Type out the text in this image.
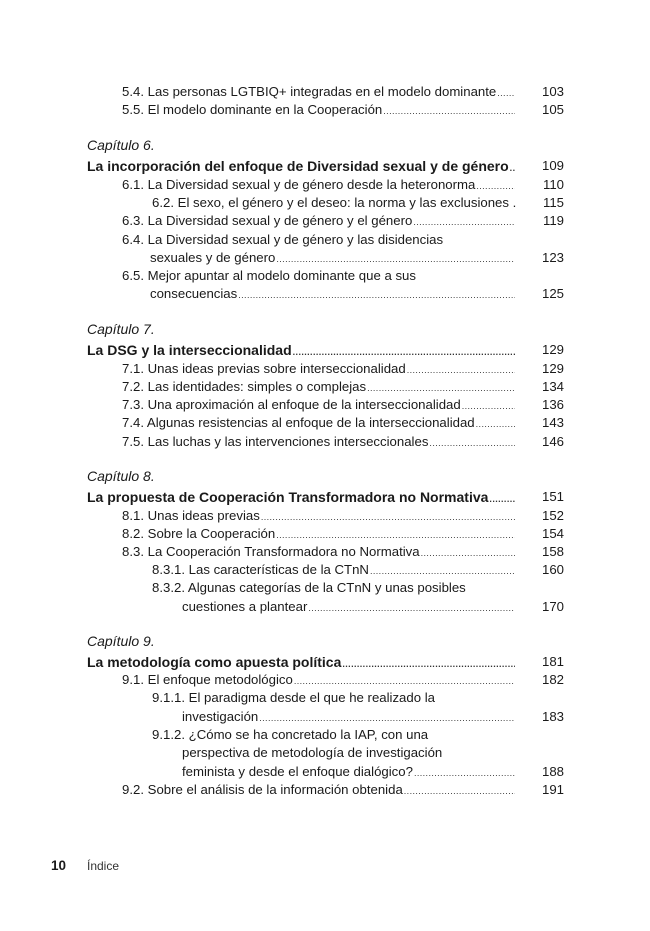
5.4. Las personas LGTBIQ+ integradas en el modelo dominante .....	103
5.5. El modelo dominante en la Cooperación .....	105
Capítulo 6.
La incorporación del enfoque de Diversidad sexual y de género .....	109
6.1. La Diversidad sexual y de género desde la heteronorma .....	110
6.2. El sexo, el género y el deseo: la norma y las exclusiones .	115
6.3. La Diversidad sexual y de género y el género .....	119
6.4. La Diversidad sexual y de género y las disidencias
sexuales y de género .....	123
6.5. Mejor apuntar al modelo dominante que a sus
consecuencias .....	125
Capítulo 7.
La DSG y la interseccionalidad .....	129
7.1. Unas ideas previas sobre interseccionalidad .....	129
7.2. Las identidades: simples o complejas .....	134
7.3. Una aproximación al enfoque de la interseccionalidad .....	136
7.4. Algunas resistencias al enfoque de la interseccionalidad .....	143
7.5. Las luchas y las intervenciones interseccionales .....	146
Capítulo 8.
La propuesta de Cooperación Transformadora no Normativa .....	151
8.1. Unas ideas previas .....	152
8.2. Sobre la Cooperación .....	154
8.3. La Cooperación Transformadora no Normativa .....	158
8.3.1. Las características de la CTnN .....	160
8.3.2. Algunas categorías de la CTnN y unas posibles
cuestiones a plantear .....	170
Capítulo 9.
La metodología como apuesta política .....	181
9.1. El enfoque metodológico .....	182
9.1.1. El paradigma desde el que he realizado la
investigación .....	183
9.1.2. ¿Cómo se ha concretado la IAP, con una
perspectiva de metodología de investigación
feminista y desde el enfoque dialógico? .....	188
9.2. Sobre el análisis de la información obtenida .....	191
10 Índice
